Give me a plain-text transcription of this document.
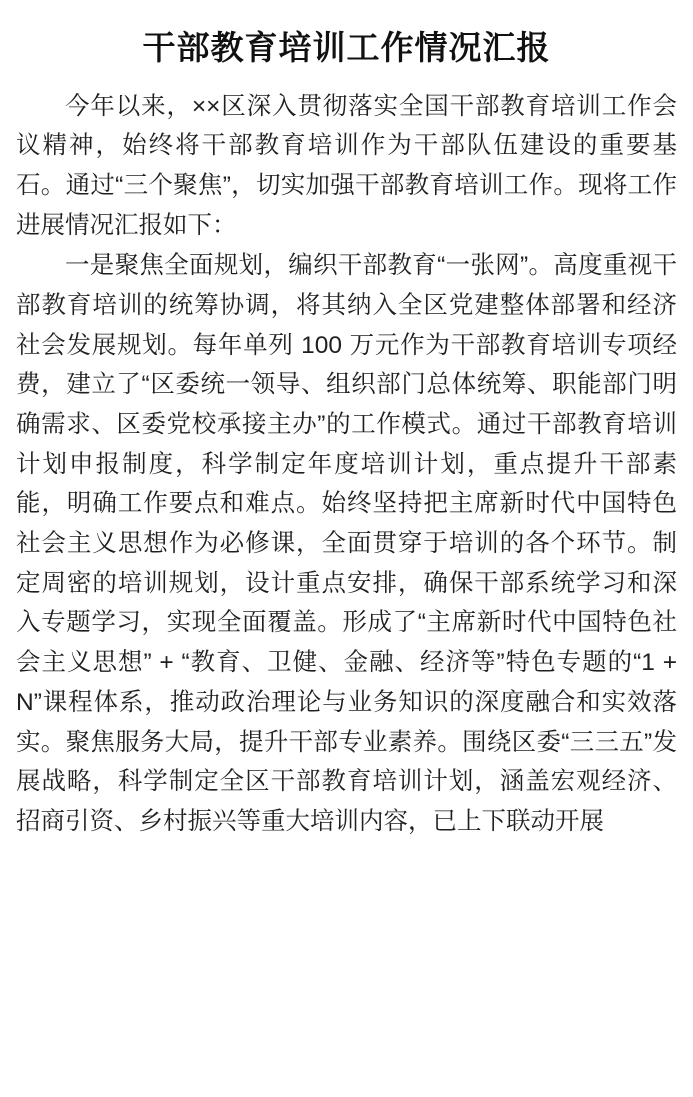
干部教育培训工作情况汇报

今年以来，××区深入贯彻落实全国干部教育培训工作会议精神，始终将干部教育培训作为干部队伍建设的重要基石。通过“三个聚焦”，切实加强干部教育培训工作。现将工作进展情况汇报如下：

一是聚焦全面规划，编织干部教育“一张网”。高度重视干部教育培训的统筹协调，将其纳入全区党建整体部署和经济社会发展规划。每年单列 100 万元作为干部教育培训专项经费，建立了“区委统一领导、组织部门总体统筹、职能部门明确需求、区委党校承接主办”的工作模式。通过干部教育培训计划申报制度，科学制定年度培训计划，重点提升干部素能，明确工作要点和难点。始终坚持把主席新时代中国特色社会主义思想作为必修课，全面贯穿于培训的各个环节。制定周密的培训规划，设计重点安排，确保干部系统学习和深入专题学习，实现全面覆盖。形成了“主席新时代中国特色社会主义思想” + “教育、卫健、金融、经济等”特色专题的“1 + N”课程体系，推动政治理论与业务知识的深度融合和实效落实。聚焦服务大局，提升干部专业素养。围绕区委“三三五”发展战略，科学制定全区干部教育培训计划，涵盖宏观经济、招商引资、乡村振兴等重大培训内容，已上下联动开展
